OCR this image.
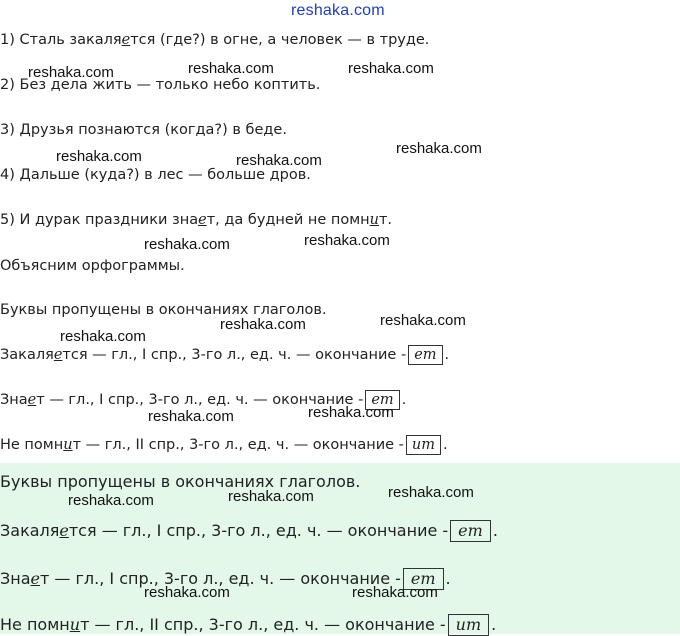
reshaka.com
1) Сталь закаляется (где?) в огне, а человек — в труде.
2) Без дела жить — только небо коптить.
3) Друзья познаются (когда?) в беде.
4) Дальше (куда?) в лес — больше дров.
5) И дурак праздники знает, да будней не помнит.
Объясним орфограммы.
Буквы пропущены в окончаниях глаголов.
Закаляется — гл., I спр., 3-го л., ед. ч. — окончание - ет .
Знает — гл., I спр., 3-го л., ед. ч. — окончание - ет .
Не помнит — гл., II спр., 3-го л., ед. ч. — окончание - ит .
Буквы пропущены в окончаниях глаголов.
Закаляется — гл., I спр., 3-го л., ед. ч. — окончание - ет .
Знает — гл., I спр., 3-го л., ед. ч. — окончание - ет .
Не помнит — гл., II спр., 3-го л., ед. ч. — окончание - ит .
reshaka.com	reshaka.com	reshaka.com
reshaka.com	reshaka.com
reshaka.com
reshaka.com	reshaka.com
reshaka.com
reshaka.com	reshaka.com
reshaka.com	reshaka.com
reshaka.com	reshaka.com	reshaka.com
reshaka.com	reshaka.com
